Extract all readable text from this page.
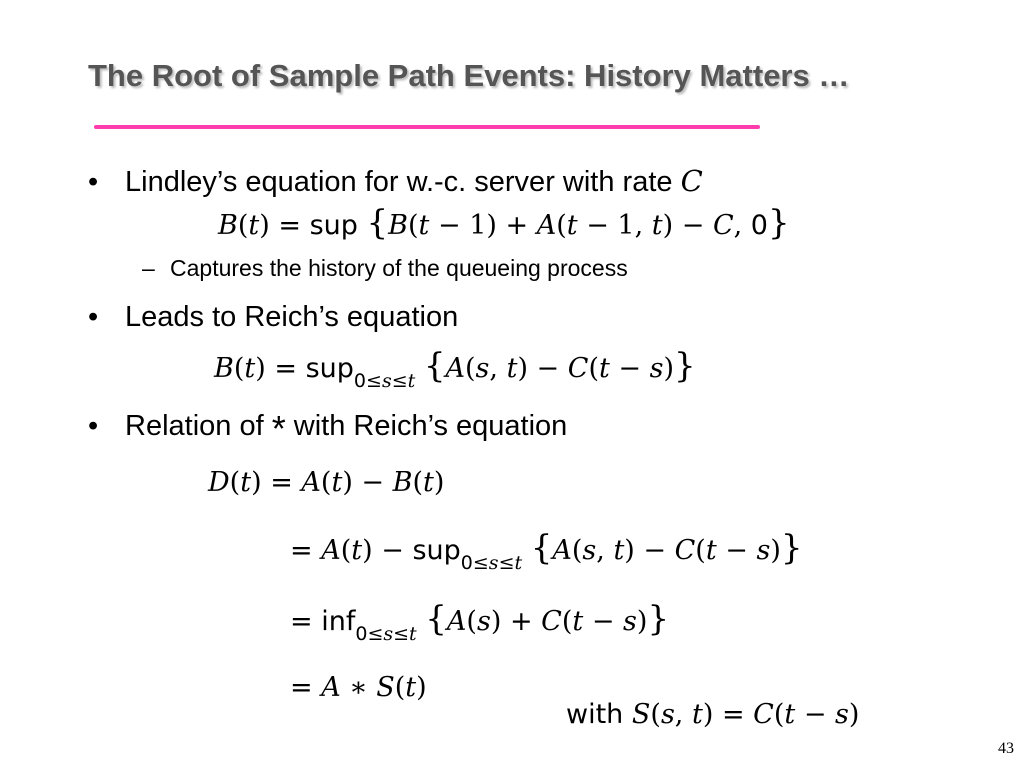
The Root of Sample Path Events: History Matters …
• Lindley’s equation for w.-c. server with rate C
B(t) = sup {B(t − 1) + A(t − 1, t) − C, 0}
– Captures the history of the queueing process
• Leads to Reich’s equation
B(t) = sup$_{0\le s\le t}$ {A(s, t) − C(t − s)}
• Relation of * with Reich’s equation
D(t) = A(t) − B(t)
= A(t) − sup$_{0\le s\le t}$ {A(s, t) − C(t − s)}
= inf$_{0\le s\le t}$ {A(s) + C(t − s)}
= A ∗ S(t)
with S(s, t) = C(t − s)
43
